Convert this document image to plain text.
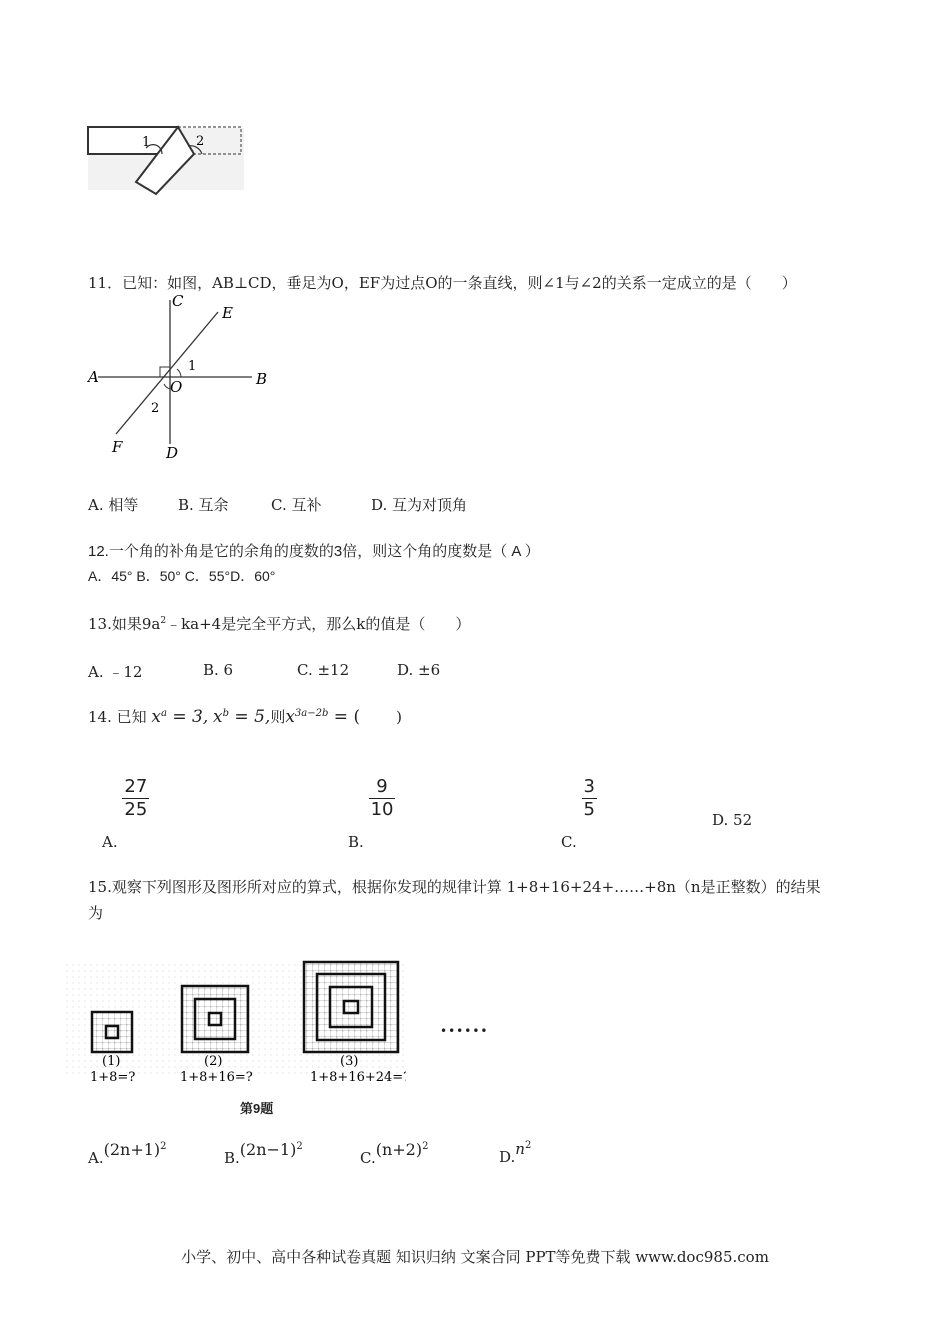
1	2
11．已知：如图，AB⊥CD，垂足为O，EF为过点O的一条直线，则∠1与∠2的关系一定成立的是（　　）
C
E
A	B
O
1
2
F	D
A. 相等	B. 互余	C. 互补	D. 互为对顶角
12.一个角的补角是它的余角的度数的3倍，则这个角的度数是（ A ）
A．45° B．50° C．55°D．60°
13.如果$9a^2﹣ka+4$是完全平方式，那么k的值是（　　）
A. ﹣12	B. 6	C. ±12	D. ±6
14. 已知 $x^a = 3$, $x^b = 5$,则$x^{3a-2b}$ = ( )
A.
$\frac{27}{25}$
B.
$\frac{9}{10}$
C.
$\frac{3}{5}$	D. 52
15.观察下列图形及图形所对应的算式，根据你发现的规律计算 1+8+16+24+……+8n（n是正整数）的结果
为
(1)	(2)	(3)
1+8=?	1+8+16=?	1+8+16+24=?
••••••
第9题
$A.(2n+1)^2$
$B.(2n-1)^2$
$C.(n+2)^2$
$D.n^2$
小学、初中、高中各种试卷真题 知识归纳 文案合同 PPT等免费下载 www.doc985.com
